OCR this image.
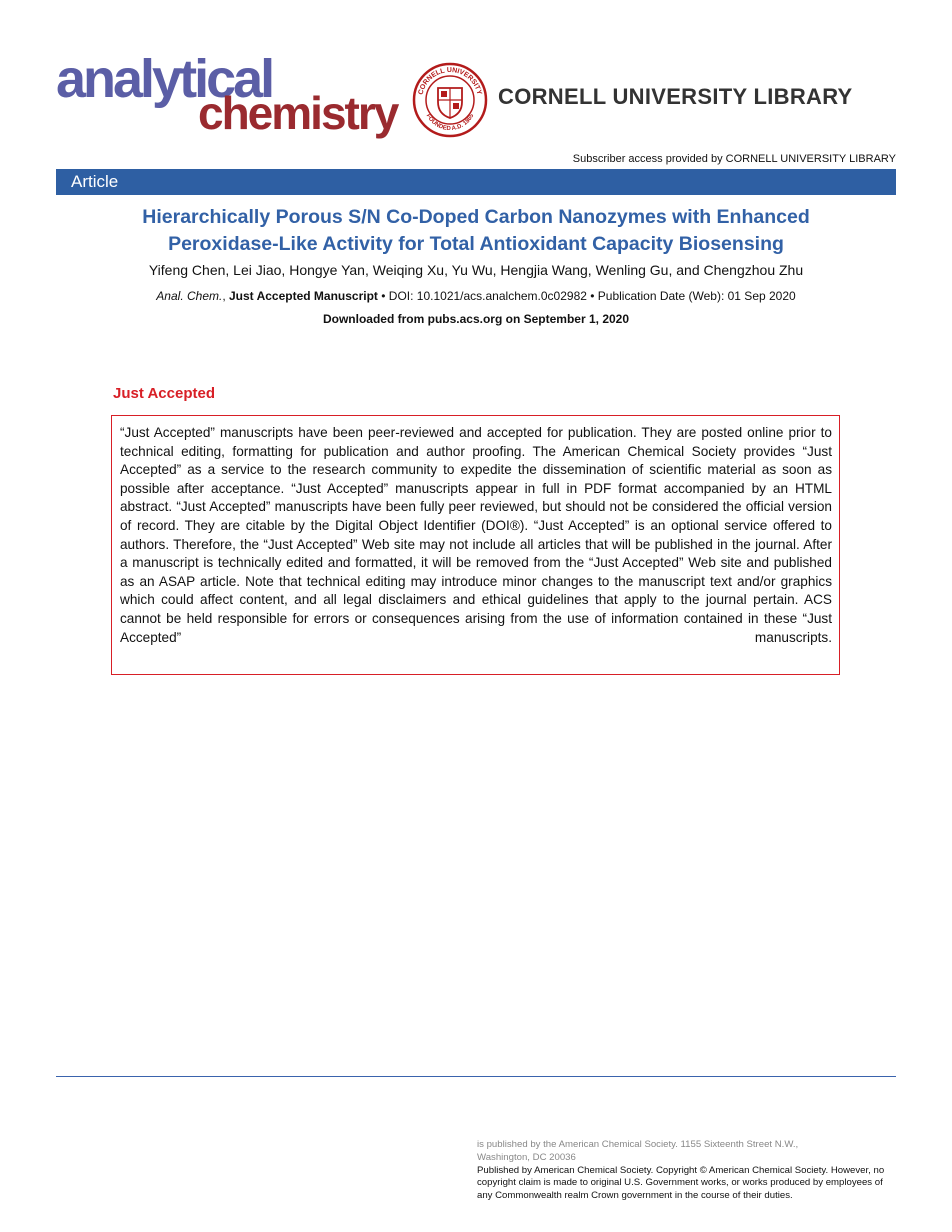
analytical
chemistry	CORNELL UNIVERSITY
FOUNDED A.D. 1865
CORNELL UNIVERSITY LIBRARY
Subscriber access provided by CORNELL UNIVERSITY LIBRARY
Article
Hierarchically Porous S/N Co-Doped Carbon Nanozymes with Enhanced
Peroxidase-Like Activity for Total Antioxidant Capacity Biosensing
Yifeng Chen, Lei Jiao, Hongye Yan, Weiqing Xu, Yu Wu, Hengjia Wang, Wenling Gu, and Chengzhou Zhu
Anal. Chem., Just Accepted Manuscript • DOI: 10.1021/acs.analchem.0c02982 • Publication Date (Web): 01 Sep 2020
Downloaded from pubs.acs.org on September 1, 2020
Just Accepted

“Just Accepted” manuscripts have been peer-reviewed and accepted for publication. They are posted online prior to technical editing, formatting for publication and author proofing. The American Chemical Society provides “Just Accepted” as a service to the research community to expedite the dissemination of scientific material as soon as possible after acceptance. “Just Accepted” manuscripts appear in full in PDF format accompanied by an HTML abstract. “Just Accepted” manuscripts have been fully peer reviewed, but should not be considered the official version of record. They are citable by the Digital Object Identifier (DOI®). “Just Accepted” is an optional service offered to authors. Therefore, the “Just Accepted” Web site may not include all articles that will be published in the journal. After a manuscript is technically edited and formatted, it will be removed from the “Just Accepted” Web site and published as an ASAP article. Note that technical editing may introduce minor changes to the manuscript text and/or graphics which could affect content, and all legal disclaimers and ethical guidelines that apply to the journal pertain. ACS cannot be held responsible for errors or consequences arising from the use of information contained in these “Just Accepted” manuscripts.

is published by the American Chemical Society. 1155 Sixteenth Street N.W.,
Washington, DC 20036
Published by American Chemical Society. Copyright © American Chemical Society. However, no copyright claim is made to original U.S. Government works, or works produced by employees of any Commonwealth realm Crown government in the course of their duties.
